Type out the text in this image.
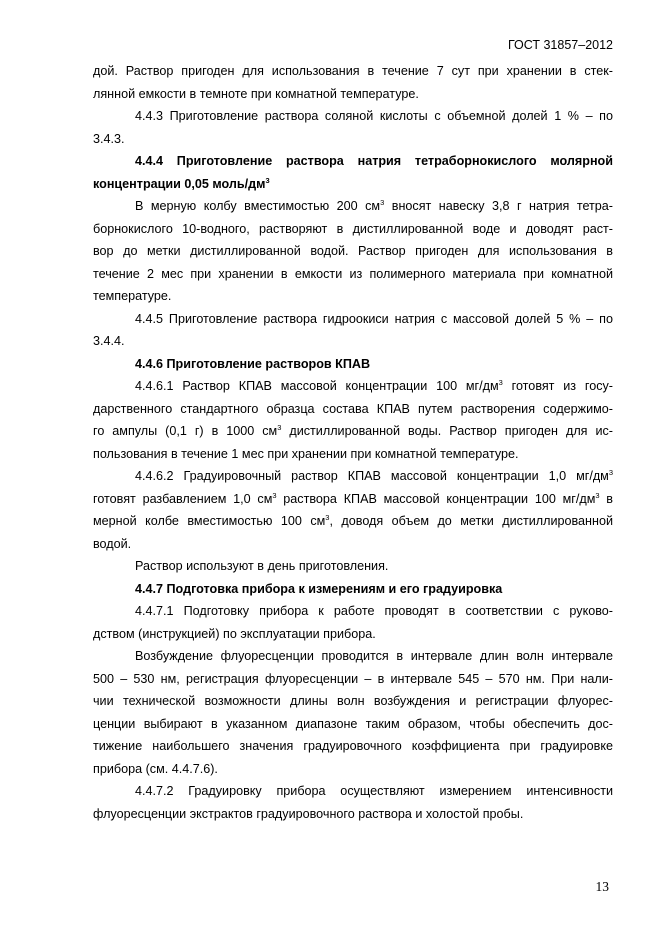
ГОСТ 31857–2012
дой. Раствор пригоден для использования в течение 7 сут при хранении в стек-
лянной емкости в темноте при комнатной температуре.
4.4.3 Приготовление раствора соляной кислоты с объемной долей 1 % – по
3.4.3.
4.4.4 Приготовление раствора натрия тетраборнокислого молярной
концентрации 0,05 моль/$дм^3$
В мерную колбу вместимостью 200 $см^3$ вносят навеску 3,8 г натрия тетра-
борнокислого 10-водного, растворяют в дистиллированной воде и доводят раст-
вор до метки дистиллированной водой. Раствор пригоден для использования в
течение 2 мес при хранении в емкости из полимерного материала при комнатной
температуре.
4.4.5 Приготовление раствора гидроокиси натрия с массовой долей 5 % – по
3.4.4.
4.4.6 Приготовление растворов КПАВ
4.4.6.1 Раствор КПАВ массовой концентрации 100 $мг/дм^3$ готовят из госу-
дарственного стандартного образца состава КПАВ путем растворения содержимо-
го ампулы (0,1 г) в 1000 $см^3$ дистиллированной воды. Раствор пригоден для ис-
пользования в течение 1 мес при хранении при комнатной температуре.
4.4.6.2 Градуировочный раствор КПАВ массовой концентрации 1,0 $мг/дм^3$
готовят разбавлением 1,0 $см^3$ раствора КПАВ массовой концентрации 100 $мг/дм^3$ в
мерной колбе вместимостью 100 $см^3$, доводя объем до метки дистиллированной
водой.
Раствор используют в день приготовления.
4.4.7 Подготовка прибора к измерениям и его градуировка
4.4.7.1 Подготовку прибора к работе проводят в соответствии с руково-
дством (инструкцией) по эксплуатации прибора.
Возбуждение флуоресценции проводится в интервале длин волн интервале
500 – 530 нм, регистрация флуоресценции – в интервале 545 – 570 нм. При нали-
чии технической возможности длины волн возбуждения и регистрации флуорес-
ценции выбирают в указанном диапазоне таким образом, чтобы обеспечить дос-
тижение наибольшего значения градуировочного коэффициента при градуировке
прибора (см. 4.4.7.6).
4.4.7.2 Градуировку прибора осуществляют измерением интенсивности
флуоресценции экстрактов градуировочного раствора и холостой пробы.
13
